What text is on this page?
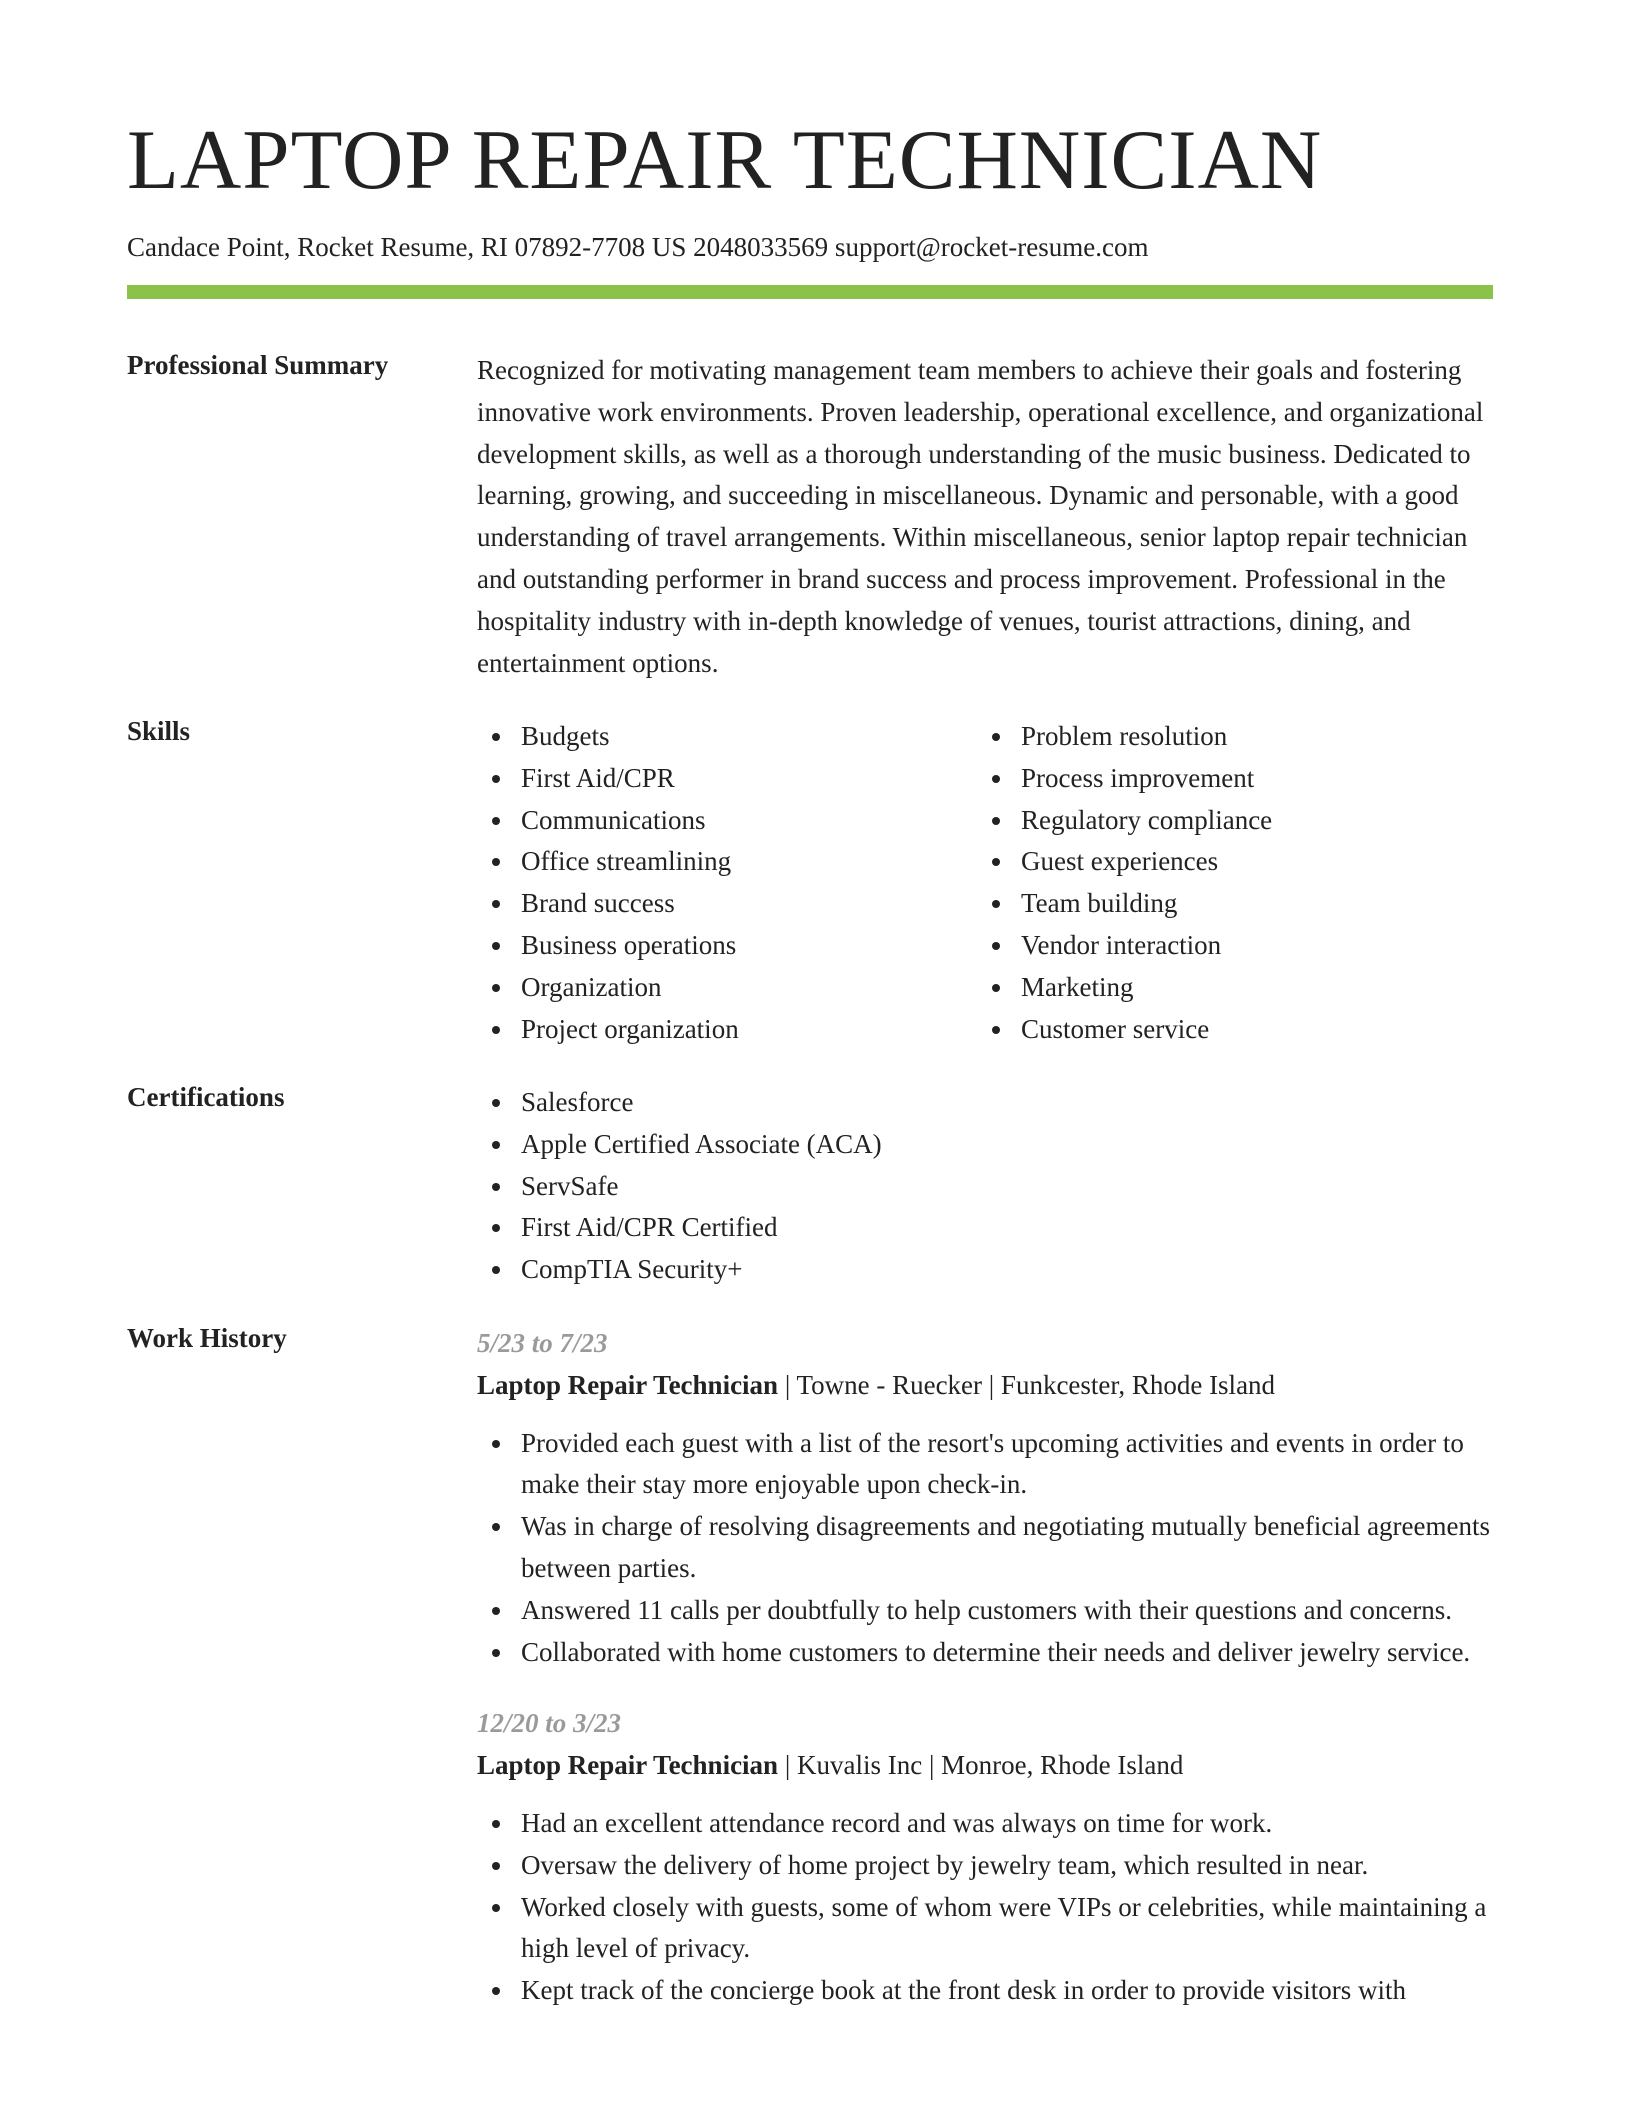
LAPTOP REPAIR TECHNICIAN
Candace Point, Rocket Resume, RI 07892-7708 US 2048033569 support@rocket-resume.com
Professional Summary	Recognized for motivating management team members to achieve their goals and fostering innovative work environments. Proven leadership, operational excellence, and organizational development skills, as well as a thorough understanding of the music business. Dedicated to learning, growing, and succeeding in miscellaneous. Dynamic and personable, with a good understanding of travel arrangements. Within miscellaneous, senior laptop repair technician and outstanding performer in brand success and process improvement. Professional in the hospitality industry with in-depth knowledge of venues, tourist attractions, dining, and entertainment options.

Skills	Budgets
First Aid/CPR
Communications
Office streamlining
Brand success
Business operations
Organization
Project organization
Problem resolution
Process improvement
Regulatory compliance
Guest experiences
Team building
Vendor interaction
Marketing
Customer service
Certifications	Salesforce
Apple Certified Associate (ACA)
ServSafe
First Aid/CPR Certified
CompTIA Security+
Work History	5/23 to 7/23
Laptop Repair Technician | Towne - Ruecker | Funkcester, Rhode Island
Provided each guest with a list of the resort's upcoming activities and events in order to make their stay more enjoyable upon check-in.
Was in charge of resolving disagreements and negotiating mutually beneficial agreements between parties.
Answered 11 calls per doubtfully to help customers with their questions and concerns.
Collaborated with home customers to determine their needs and deliver jewelry service.
12/20 to 3/23
Laptop Repair Technician | Kuvalis Inc | Monroe, Rhode Island
Had an excellent attendance record and was always on time for work.
Oversaw the delivery of home project by jewelry team, which resulted in near.
Worked closely with guests, some of whom were VIPs or celebrities, while maintaining a high level of privacy.
Kept track of the concierge book at the front desk in order to provide visitors with
